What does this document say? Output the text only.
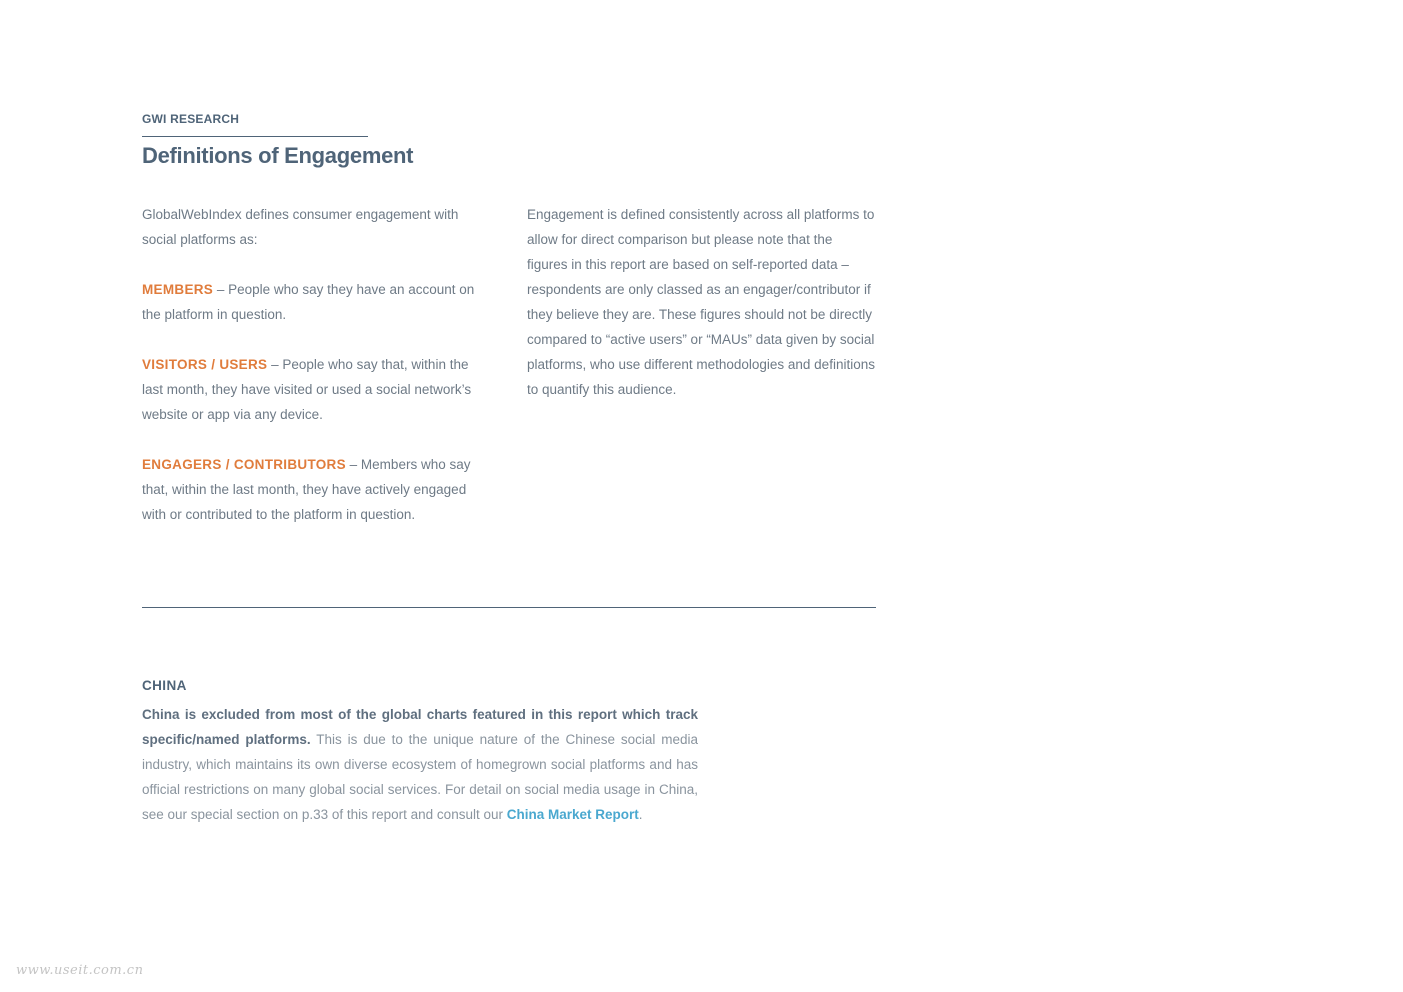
GWI RESEARCH

Definitions of Engagement

GlobalWebIndex defines consumer engagement with social platforms as:

MEMBERS – People who say they have an account on the platform in question.

VISITORS / USERS – People who say that, within the last month, they have visited or used a social network’s website or app via any device.

ENGAGERS / CONTRIBUTORS – Members who say that, within the last month, they have actively engaged with or contributed to the platform in question.

Engagement is defined consistently across all platforms to allow for direct comparison but please note that the figures in this report are based on self-reported data – respondents are only classed as an engager/contributor if they believe they are. These figures should not be directly compared to “active users” or “MAUs” data given by social platforms, who use different methodologies and definitions to quantify this audience.

CHINA

China is excluded from most of the global charts featured in this report which track specific/named platforms. This is due to the unique nature of the Chinese social media industry, which maintains its own diverse ecosystem of homegrown social platforms and has official restrictions on many global social services. For detail on social media usage in China, see our special section on p.33 of this report and consult our China Market Report.

www.useit.com.cn
